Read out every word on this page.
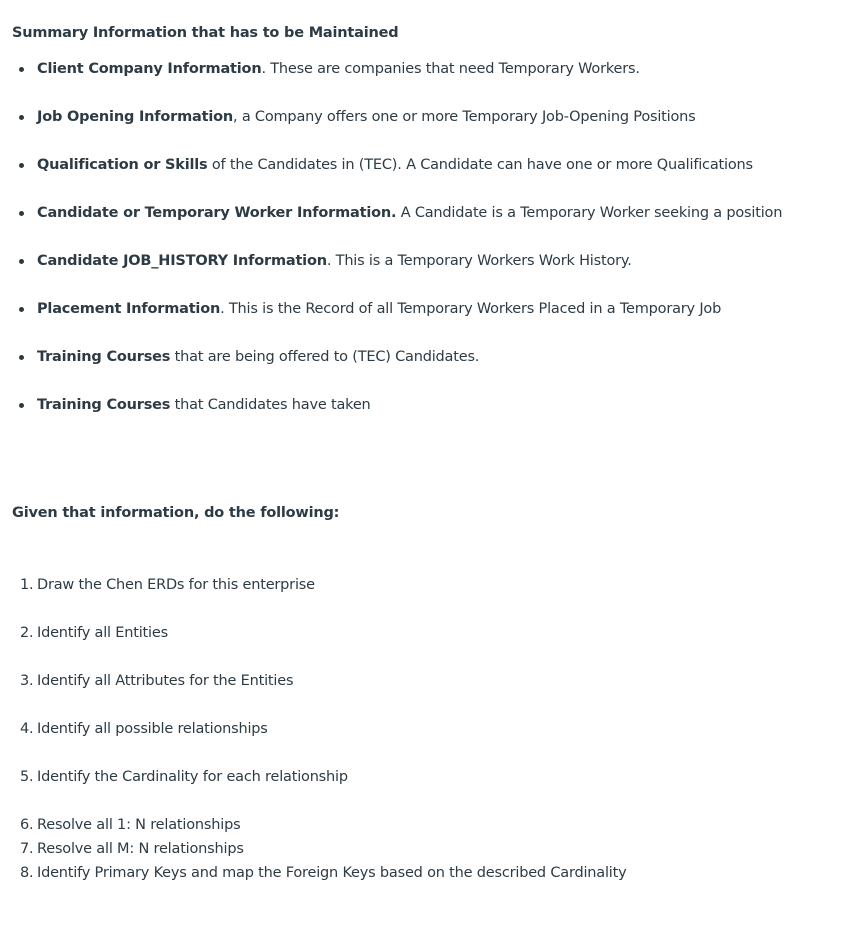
Summary Information that has to be Maintained

Client Company Information. These are companies that need Temporary Workers.
Job Opening Information, a Company offers one or more Temporary Job-Opening Positions
Qualification or Skills of the Candidates in (TEC). A Candidate can have one or more Qualifications
Candidate or Temporary Worker Information. A Candidate is a Temporary Worker seeking a position
Candidate JOB_HISTORY Information. This is a Temporary Workers Work History.
Placement Information. This is the Record of all Temporary Workers Placed in a Temporary Job
Training Courses that are being offered to (TEC) Candidates.
Training Courses that Candidates have taken

Given that information, do the following:

1. Draw the Chen ERDs for this enterprise
2. Identify all Entities
3. Identify all Attributes for the Entities
4. Identify all possible relationships
5. Identify the Cardinality for each relationship
6. Resolve all 1: N relationships
7. Resolve all M: N relationships
8. Identify Primary Keys and map the Foreign Keys based on the described Cardinality
